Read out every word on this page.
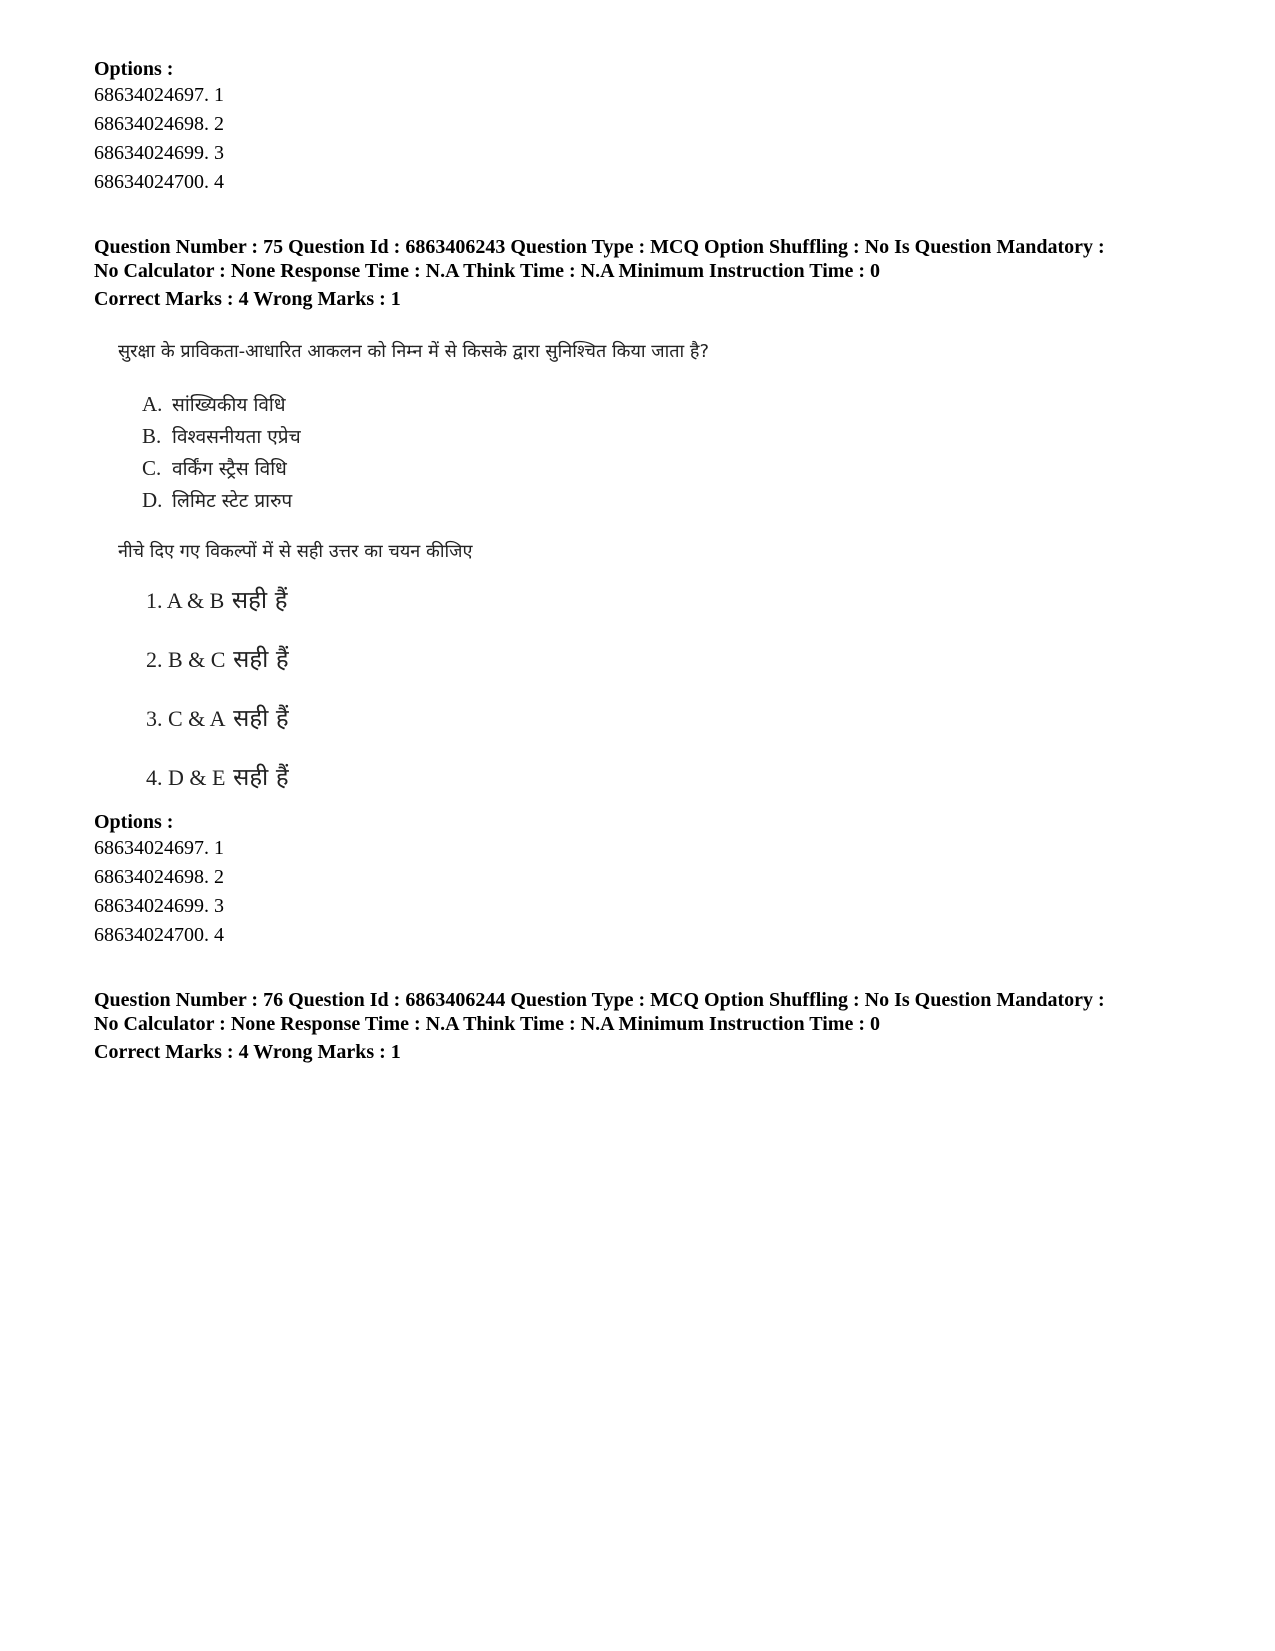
Options :

68634024697. 1

68634024698. 2

68634024699. 3

68634024700. 4

Question Number : 75 Question Id : 6863406243 Question Type : MCQ Option Shuffling : No Is Question Mandatory :

No Calculator : None Response Time : N.A Think Time : N.A Minimum Instruction Time : 0

Correct Marks : 4 Wrong Marks : 1

सुरक्षा के प्राविकता-आधारित आकलन को निम्न में से किसके द्वारा सुनिश्चित किया जाता है?

A. सांख्यिकीय विधि
B. विश्वसनीयता एप्रेच
C. वर्किंग स्ट्रैस विधि
D. लिमिट स्टेट प्रारुप

नीचे दिए गए विकल्पों में से सही उत्तर का चयन कीजिए

1. A & B सही हैं
2. B & C सही हैं
3. C & A सही हैं
4. D & E सही हैं

Options :

68634024697. 1

68634024698. 2

68634024699. 3

68634024700. 4

Question Number : 76 Question Id : 6863406244 Question Type : MCQ Option Shuffling : No Is Question Mandatory :

No Calculator : None Response Time : N.A Think Time : N.A Minimum Instruction Time : 0

Correct Marks : 4 Wrong Marks : 1
